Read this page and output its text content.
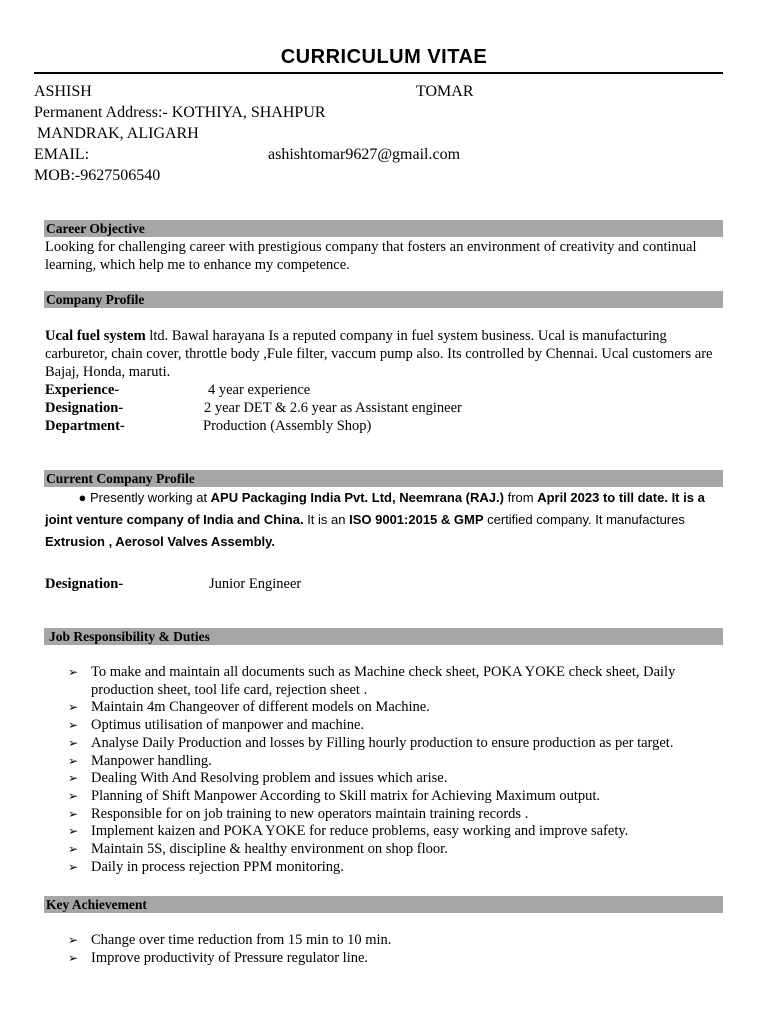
CURRICULUM VITAE
ASHISH	TOMAR
Permanent Address:- KOTHIYA, SHAHPUR
MANDRAK, ALIGARH
EMAIL:	ashishtomar9627@gmail.com
MOB:-9627506540
Career Objective
Looking for challenging career with prestigious company that fosters an environment of creativity and continual learning, which help me to enhance my competence.
Company Profile
Ucal fuel system ltd. Bawal harayana Is a reputed company in fuel system business. Ucal is manufacturing carburetor, chain cover, throttle body ,Fule filter, vaccum pump also. Its controlled by Chennai. Ucal customers are Bajaj, Honda, maruti.
Experience-	4 year experience
Designation-	2 year DET & 2.6 year as Assistant engineer
Department-	Production (Assembly Shop)
Current Company Profile
● Presently working at APU Packaging India Pvt. Ltd, Neemrana (RAJ.) from April 2023 to till date. It is a joint venture company of India and China. It is an ISO 9001:2015 & GMP certified company. It manufactures Extrusion , Aerosol Valves Assembly.
Designation-	Junior Engineer
Job Responsibility & Duties
➢ To make and maintain all documents such as Machine check sheet, POKA YOKE check sheet, Daily production sheet, tool life card, rejection sheet .
➢ Maintain 4m Changeover of different models on Machine.
➢ Optimus utilisation of manpower and machine.
➢ Analyse Daily Production and losses by Filling hourly production to ensure production as per target.
➢ Manpower handling.
➢ Dealing With And Resolving problem and issues which arise.
➢ Planning of Shift Manpower According to Skill matrix for Achieving Maximum output.
➢ Responsible for on job training to new operators maintain training records .
➢ Implement kaizen and POKA YOKE for reduce problems, easy working and improve safety.
➢ Maintain 5S, discipline & healthy environment on shop floor.
➢ Daily in process rejection PPM monitoring.
Key Achievement
➢ Change over time reduction from 15 min to 10 min.
➢ Improve productivity of Pressure regulator line.
